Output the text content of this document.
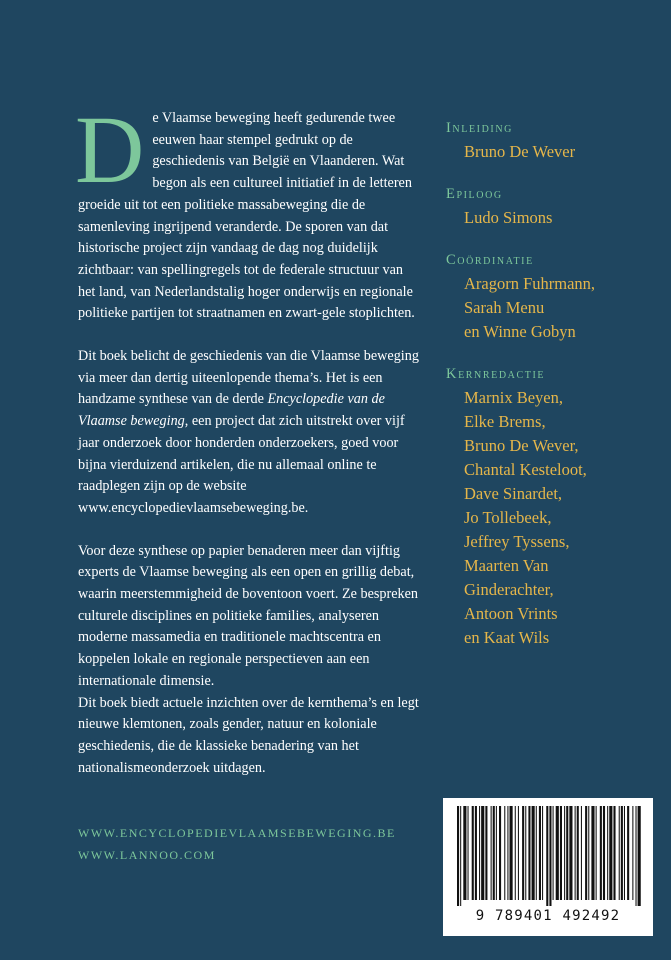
De Vlaamse beweging heeft gedurende twee eeuwen haar stempel gedrukt op de geschiedenis van België en Vlaanderen. Wat begon als een cultureel initiatief in de letteren groeide uit tot een politieke massabeweging die de samenleving ingrijpend veranderde. De sporen van dat historische project zijn vandaag de dag nog duidelijk zichtbaar: van spellingregels tot de federale structuur van het land, van Nederlandstalig hoger onderwijs en regionale politieke partijen tot straatnamen en zwart-gele stoplichten.

Dit boek belicht de geschiedenis van die Vlaamse beweging via meer dan dertig uiteenlopende thema’s. Het is een handzame synthese van de derde Encyclopedie van de Vlaamse beweging, een project dat zich uitstrekt over vijf jaar onderzoek door honderden onderzoekers, goed voor bijna vierduizend artikelen, die nu allemaal online te raadplegen zijn op de website www.encyclopedievlaamsebeweging.be.

Voor deze synthese op papier benaderen meer dan vijftig experts de Vlaamse beweging als een open en grillig debat, waarin meerstemmigheid de boventoon voert. Ze bespreken culturele disciplines en politieke families, analyseren moderne massamedia en traditionele machtscentra en koppelen lokale en regionale perspectieven aan een internationale dimensie.

Dit boek biedt actuele inzichten over de kernthema’s en legt nieuwe klemtonen, zoals gender, natuur en koloniale geschiedenis, die de klassieke benadering van het nationalismeonderzoek uitdagen.

Inleiding
Bruno De Wever
Epiloog
Ludo Simons
Coördinatie
Aragorn Fuhrmann,
Sarah Menu
en Winne Gobyn
Kernredactie
Marnix Beyen,
Elke Brems,
Bruno De Wever,
Chantal Kesteloot,
Dave Sinardet,
Jo Tollebeek,
Jeffrey Tyssens,
Maarten Van
Ginderachter,
Antoon Vrints
en Kaat Wils
WWW.ENCYCLOPEDIEVLAAMSEBEWEGING.BE
WWW.LANNOO.COM
9 789401 492492
